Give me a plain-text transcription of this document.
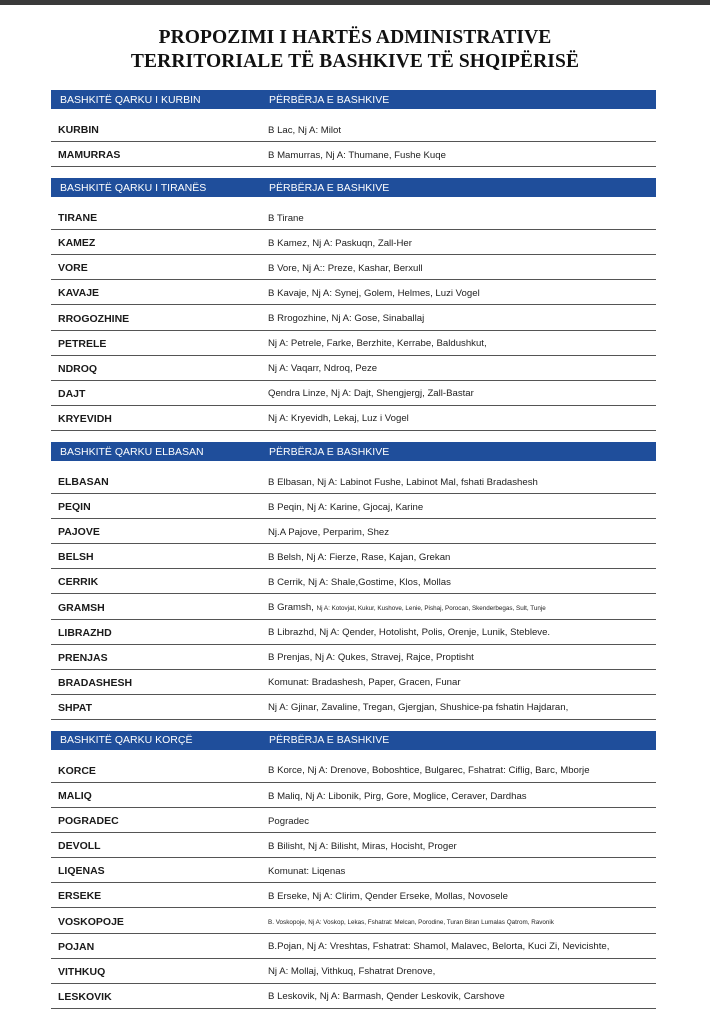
PROPOZIMI I HARTËS ADMINISTRATIVE
TERRITORIALE TË BASHKIVE TË SHQIPËRISË
BASHKITË QARKU I KURBIN	PËRBËRJA E BASHKIVE
KURBIN	B Lac, Nj A: Milot
MAMURRAS	B Mamurras, Nj A: Thumane, Fushe Kuqe
BASHKITË QARKU I TIRANËS	PËRBËRJA E BASHKIVE
TIRANE	B Tirane
KAMEZ	B Kamez, Nj A: Paskuqn, Zall-Her
VORE	B Vore, Nj A:: Preze, Kashar, Berxull
KAVAJE	B Kavaje, Nj A: Synej, Golem, Helmes, Luzi Vogel
RROGOZHINE	B Rrogozhine, Nj A: Gose, Sinaballaj
PETRELE	Nj A: Petrele, Farke, Berzhite, Kerrabe, Baldushkut,
NDROQ	Nj A: Vaqarr, Ndroq, Peze
DAJT	Qendra Linze, Nj A: Dajt, Shengjergj, Zall-Bastar
KRYEVIDH	Nj A: Kryevidh, Lekaj, Luz i Vogel
BASHKITË QARKU ELBASAN	PËRBËRJA E BASHKIVE
ELBASAN	B Elbasan, Nj A: Labinot Fushe, Labinot Mal, fshati Bradashesh
PEQIN	B Peqin, Nj A: Karine, Gjocaj, Karine
PAJOVE	Nj.A Pajove, Perparim, Shez
BELSH	B Belsh, Nj A: Fierze, Rase, Kajan, Grekan
CERRIK	B Cerrik, Nj A: Shale,Gostime, Klos, Mollas
GRAMSH	B Gramsh, Nj A: Kotovjat, Kukur, Kushove, Lenie, Pishaj, Porocan, Skenderbegas, Sult, Tunje
LIBRAZHD	B Librazhd, Nj A: Qender, Hotolisht, Polis, Orenje, Lunik, Stebleve.
PRENJAS	B Prenjas, Nj A: Qukes, Stravej, Rajce, Proptisht
BRADASHESH	Komunat: Bradashesh, Paper, Gracen, Funar
SHPAT	Nj A: Gjinar, Zavaline, Tregan, Gjergjan, Shushice-pa fshatin Hajdaran,
BASHKITË QARKU KORÇË	PËRBËRJA E BASHKIVE
KORCE	B Korce, Nj A: Drenove, Boboshtice, Bulgarec, Fshatrat: Ciflig, Barc, Mborje
MALIQ	B Maliq, Nj A: Libonik, Pirg, Gore, Moglice, Ceraver, Dardhas
POGRADEC	Pogradec
DEVOLL	B Bilisht, Nj A: Bilisht, Miras, Hocisht, Proger
LIQENAS	Komunat: Liqenas
ERSEKE	B Erseke, Nj A: Clirim, Qender Erseke, Mollas, Novosele
VOSKOPOJE	B. Voskopoje, Nj A: Voskop, Lekas, Fshatrat: Melcan, Porodine, Turan Biran Lumalas Qatrom, Ravonik
POJAN	B.Pojan, Nj A: Vreshtas, Fshatrat: Shamol, Malavec, Belorta, Kuci Zi, Nevicishte,
VITHKUQ	Nj A: Mollaj, Vithkuq, Fshatrat Drenove,
LESKOVIK	B Leskovik, Nj A: Barmash, Qender Leskovik, Carshove
